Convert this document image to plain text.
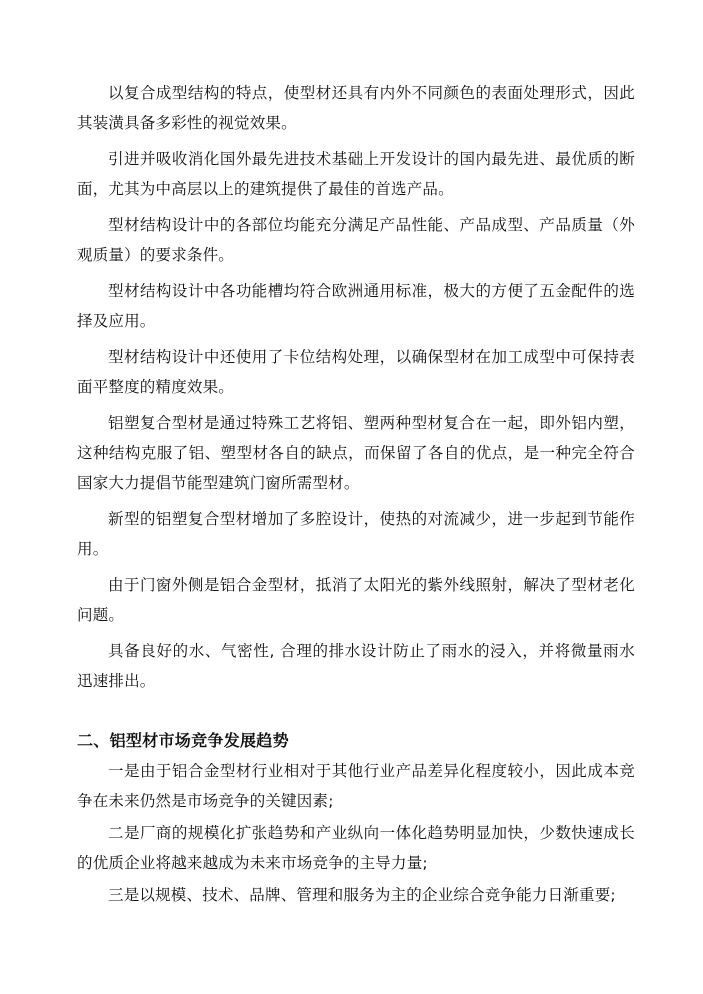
以复合成型结构的特点，使型材还具有内外不同颜色的表面处理形式，因此其装潢具备多彩性的视觉效果。

引进并吸收消化国外最先进技术基础上开发设计的国内最先进、最优质的断面，尤其为中高层以上的建筑提供了最佳的首选产品。

型材结构设计中的各部位均能充分满足产品性能、产品成型、产品质量（外观质量）的要求条件。

型材结构设计中各功能槽均符合欧洲通用标准，极大的方便了五金配件的选择及应用。

型材结构设计中还使用了卡位结构处理，以确保型材在加工成型中可保持表面平整度的精度效果。

铝塑复合型材是通过特殊工艺将铝、塑两种型材复合在一起，即外铝内塑，这种结构克服了铝、塑型材各自的缺点，而保留了各自的优点，是一种完全符合国家大力提倡节能型建筑门窗所需型材。

新型的铝塑复合型材增加了多腔设计，使热的对流减少，进一步起到节能作用。

由于门窗外侧是铝合金型材，抵消了太阳光的紫外线照射，解决了型材老化问题。

具备良好的水、气密性, 合理的排水设计防止了雨水的浸入，并将微量雨水迅速排出。

二、铝型材市场竞争发展趋势

一是由于铝合金型材行业相对于其他行业产品差异化程度较小，因此成本竞争在未来仍然是市场竞争的关键因素;

二是厂商的规模化扩张趋势和产业纵向一体化趋势明显加快，少数快速成长的优质企业将越来越成为未来市场竞争的主导力量;

三是以规模、技术、品牌、管理和服务为主的企业综合竞争能力日渐重要;
